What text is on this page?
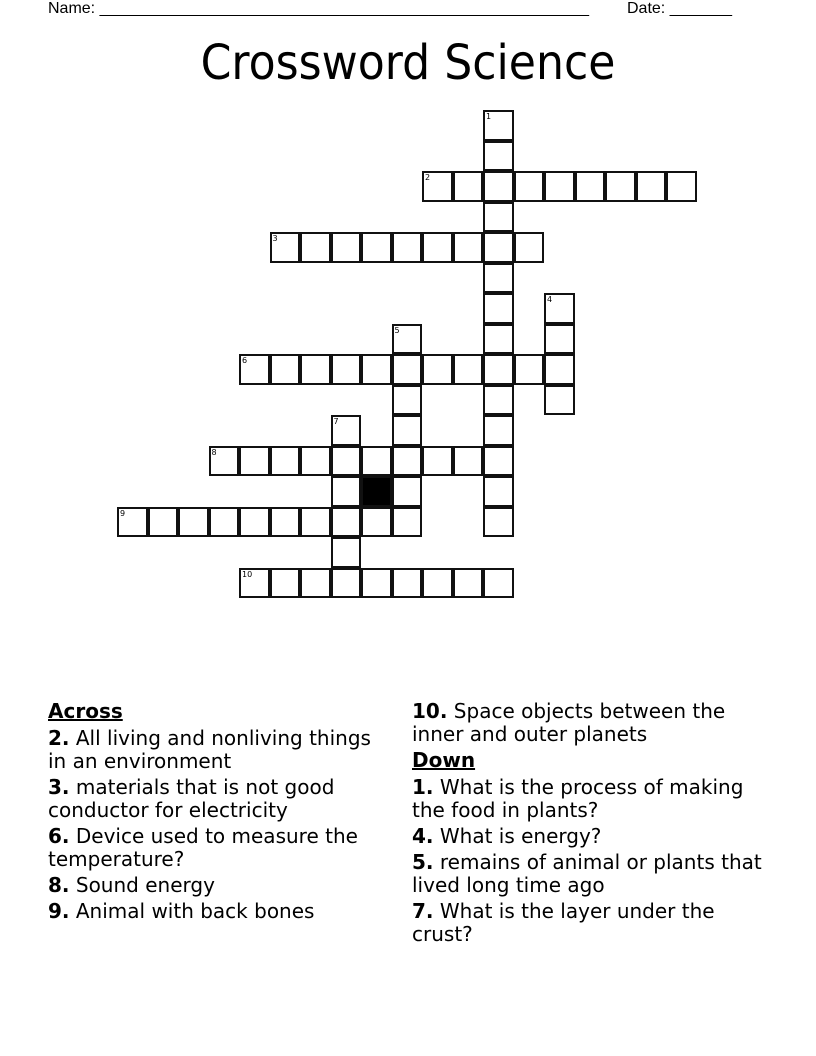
Name: _______________________________________________________ Date: _______
Crossword Science
1
2
3
4
5
6
7
8
9
10
Across
2. All living and nonliving things in an environment
3. materials that is not good conductor for electricity
6. Device used to measure the temperature?
8. Sound energy
9. Animal with back bones
10. Space objects between the inner and outer planets
Down
1. What is the process of making the food in plants?
4. What is energy?
5. remains of animal or plants that lived long time ago
7. What is the layer under the crust?
